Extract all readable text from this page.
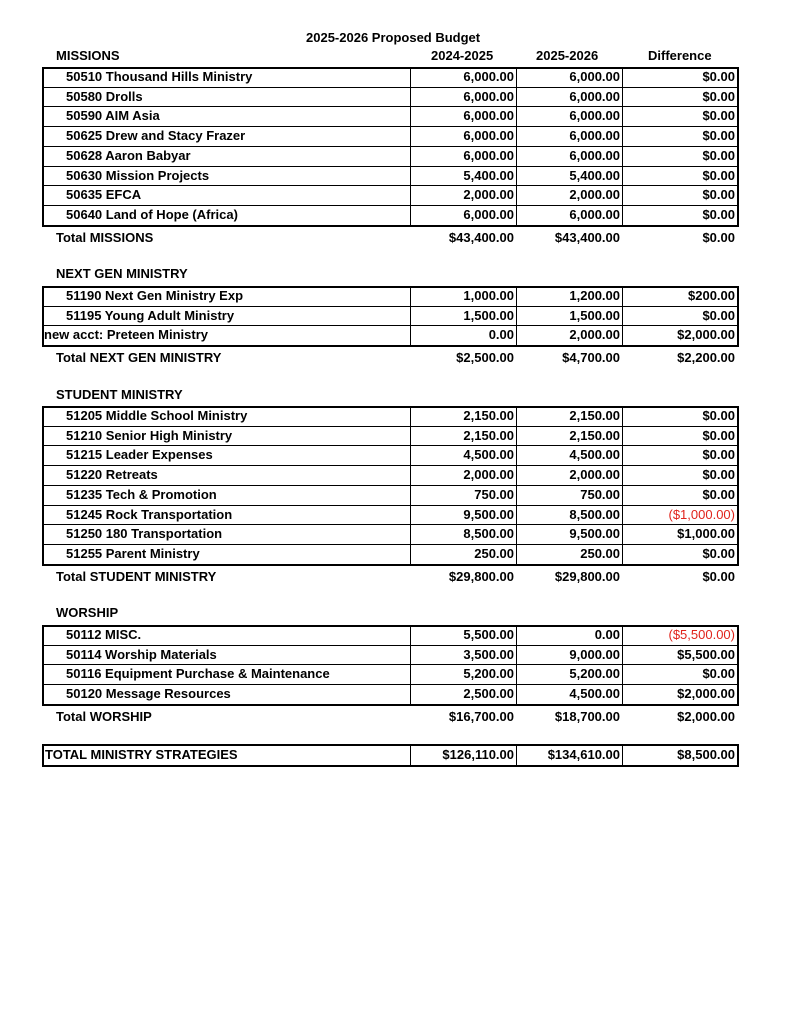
2025-2026 Proposed Budget
MISSIONS	2024-2025	2025-2026	Difference
50510 Thousand Hills Ministry	6,000.00	6,000.00	$0.00
50580 Drolls	6,000.00	6,000.00	$0.00
50590 AIM Asia	6,000.00	6,000.00	$0.00
50625 Drew and Stacy Frazer	6,000.00	6,000.00	$0.00
50628 Aaron Babyar	6,000.00	6,000.00	$0.00
50630 Mission Projects	5,400.00	5,400.00	$0.00
50635 EFCA	2,000.00	2,000.00	$0.00
50640 Land of Hope (Africa)	6,000.00	6,000.00	$0.00
Total MISSIONS	$43,400.00	$43,400.00	$0.00
NEXT GEN MINISTRY
51190 Next Gen Ministry Exp	1,000.00	1,200.00	$200.00
51195 Young Adult Ministry	1,500.00	1,500.00	$0.00
new acct: Preteen Ministry	0.00	2,000.00	$2,000.00
Total NEXT GEN MINISTRY	$2,500.00	$4,700.00	$2,200.00
STUDENT MINISTRY
51205 Middle School Ministry	2,150.00	2,150.00	$0.00
51210 Senior High Ministry	2,150.00	2,150.00	$0.00
51215 Leader Expenses	4,500.00	4,500.00	$0.00
51220 Retreats	2,000.00	2,000.00	$0.00
51235 Tech & Promotion	750.00	750.00	$0.00
51245 Rock Transportation	9,500.00	8,500.00	($1,000.00)
51250 180 Transportation	8,500.00	9,500.00	$1,000.00
51255 Parent Ministry	250.00	250.00	$0.00
Total STUDENT MINISTRY	$29,800.00	$29,800.00	$0.00
WORSHIP
50112 MISC.	5,500.00	0.00	($5,500.00)
50114 Worship Materials	3,500.00	9,000.00	$5,500.00
50116 Equipment Purchase & Maintenance	5,200.00	5,200.00	$0.00
50120 Message Resources	2,500.00	4,500.00	$2,000.00
Total WORSHIP	$16,700.00	$18,700.00	$2,000.00
TOTAL MINISTRY STRATEGIES	$126,110.00	$134,610.00	$8,500.00
